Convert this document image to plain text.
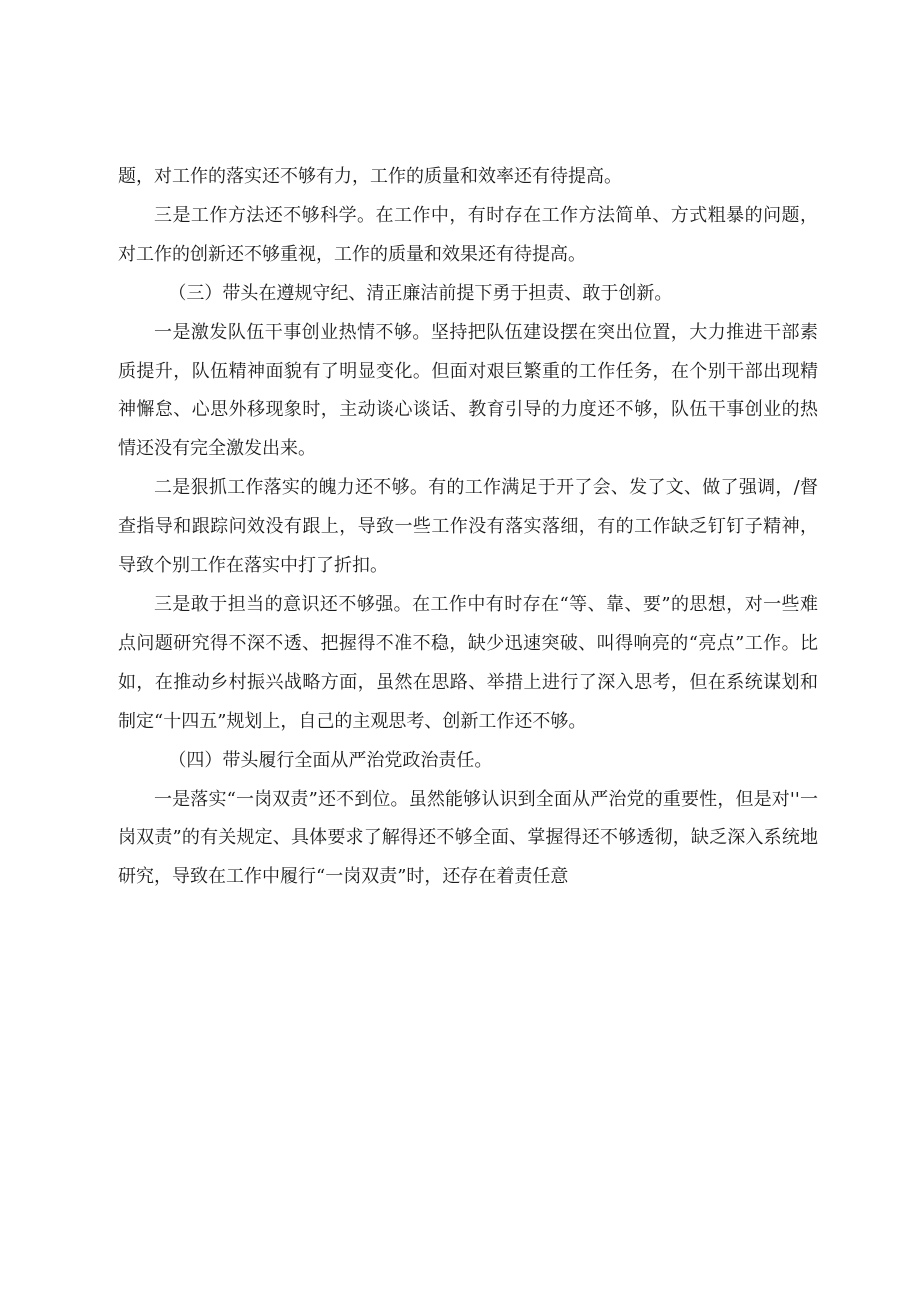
题，对工作的落实还不够有力，工作的质量和效率还有待提高。

三是工作方法还不够科学。在工作中，有时存在工作方法简单、方式粗暴的问题，对工作的创新还不够重视，工作的质量和效果还有待提高。

（三）带头在遵规守纪、清正廉洁前提下勇于担责、敢于创新。

一是激发队伍干事创业热情不够。坚持把队伍建设摆在突出位置，大力推进干部素质提升，队伍精神面貌有了明显变化。但面对艰巨繁重的工作任务，在个别干部出现精神懈怠、心思外移现象时，主动谈心谈话、教育引导的力度还不够，队伍干事创业的热情还没有完全激发出来。

二是狠抓工作落实的魄力还不够。有的工作满足于开了会、发了文、做了强调，/督查指导和跟踪问效没有跟上，导致一些工作没有落实落细，有的工作缺乏钉钉子精神，导致个别工作在落实中打了折扣。

三是敢于担当的意识还不够强。在工作中有时存在“等、靠、要”的思想，对一些难点问题研究得不深不透、把握得不准不稳，缺少迅速突破、叫得响亮的“亮点”工作。比如，在推动乡村振兴战略方面，虽然在思路、举措上进行了深入思考，但在系统谋划和制定“十四五”规划上，自己的主观思考、创新工作还不够。

（四）带头履行全面从严治党政治责任。

一是落实“一岗双责”还不到位。虽然能够认识到全面从严治党的重要性，但是对''一岗双责”的有关规定、具体要求了解得还不够全面、掌握得还不够透彻，缺乏深入系统地研究，导致在工作中履行“一岗双责”时，还存在着责任意
